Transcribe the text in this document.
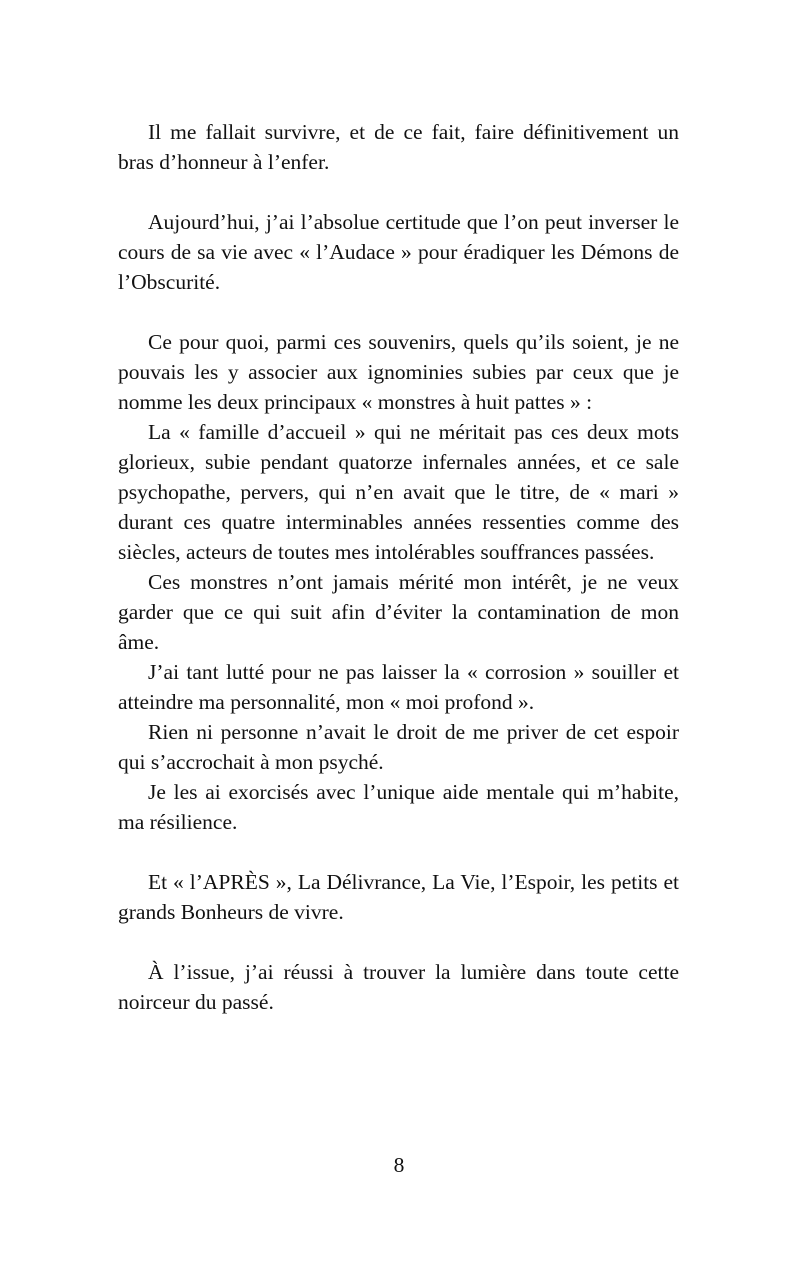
Il me fallait survivre, et de ce fait, faire définitivement un bras d’honneur à l’enfer.

Aujourd’hui, j’ai l’absolue certitude que l’on peut inverser le cours de sa vie avec « l’Audace » pour éradiquer les Démons de l’Obscurité.

Ce pour quoi, parmi ces souvenirs, quels qu’ils soient, je ne pouvais les y associer aux ignominies subies par ceux que je nomme les deux principaux « monstres à huit pattes » :

La « famille d’accueil » qui ne méritait pas ces deux mots glorieux, subie pendant quatorze infernales années, et ce sale psychopathe, pervers, qui n’en avait que le titre, de « mari » durant ces quatre interminables années ressenties comme des siècles, acteurs de toutes mes intolérables souffrances passées.

Ces monstres n’ont jamais mérité mon intérêt, je ne veux garder que ce qui suit afin d’éviter la contamination de mon âme.

J’ai tant lutté pour ne pas laisser la « corrosion » souiller et atteindre ma personnalité, mon « moi profond ».

Rien ni personne n’avait le droit de me priver de cet espoir qui s’accrochait à mon psyché.

Je les ai exorcisés avec l’unique aide mentale qui m’habite, ma résilience.

Et « l’APRÈS », La Délivrance, La Vie, l’Espoir, les petits et grands Bonheurs de vivre.

À l’issue, j’ai réussi à trouver la lumière dans toute cette noirceur du passé.

8
